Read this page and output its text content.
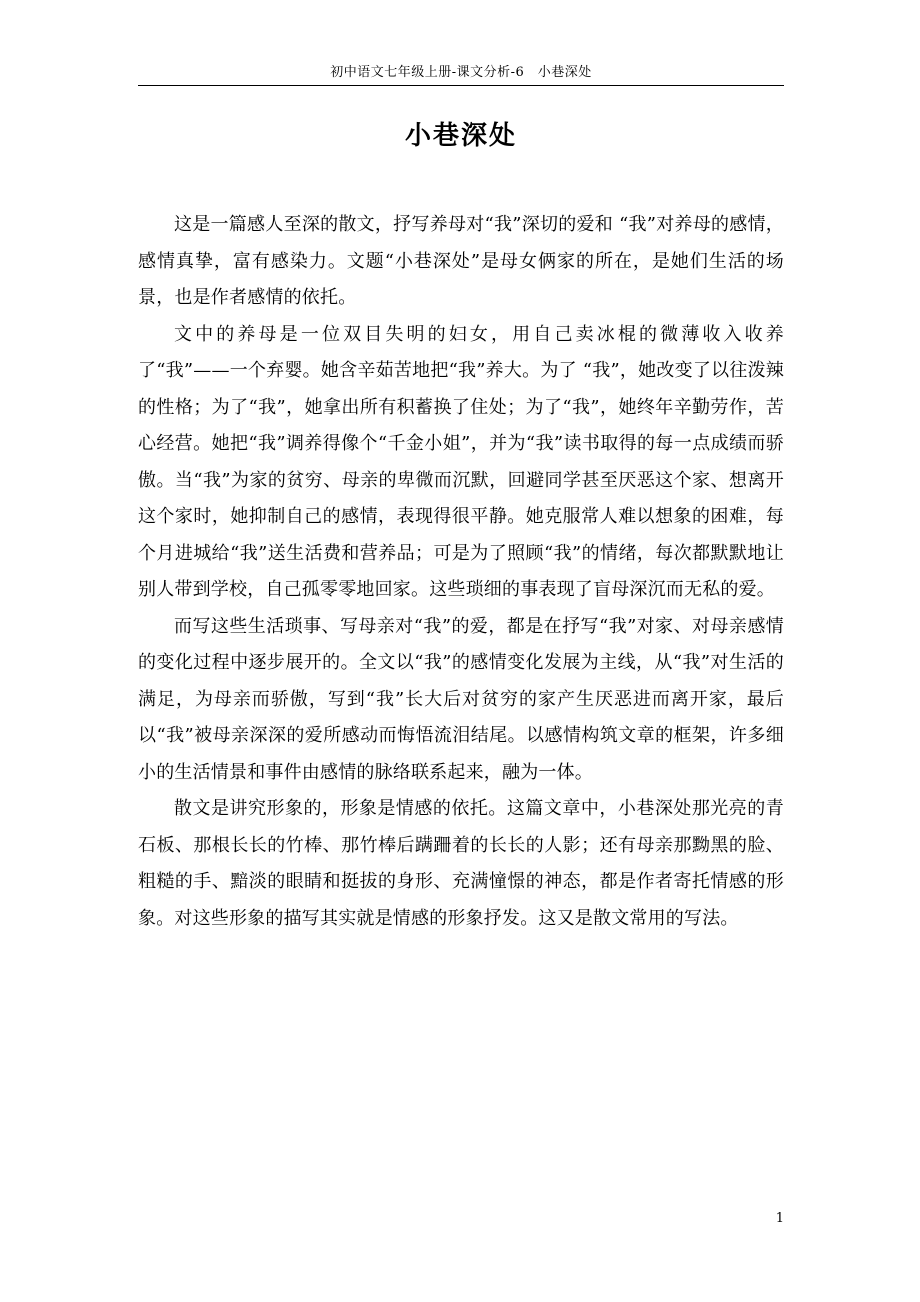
初中语文七年级上册-课文分析-6　小巷深处
小巷深处

这是一篇感人至深的散文，抒写养母对“我”深切的爱和 “我”对养母的感情，感情真挚，富有感染力。文题“小巷深处”是母女俩家的所在，是她们生活的场景，也是作者感情的依托。

文中的养母是一位双目失明的妇女，用自己卖冰棍的微薄收入收养了“我”——一个弃婴。她含辛茹苦地把“我”养大。为了 “我”，她改变了以往泼辣的性格；为了“我”，她拿出所有积蓄换了住处；为了“我”，她终年辛勤劳作，苦心经营。她把“我”调养得像个“千金小姐”，并为“我”读书取得的每一点成绩而骄傲。当“我”为家的贫穷、母亲的卑微而沉默，回避同学甚至厌恶这个家、想离开这个家时，她抑制自己的感情，表现得很平静。她克服常人难以想象的困难，每个月进城给“我”送生活费和营养品；可是为了照顾“我”的情绪，每次都默默地让别人带到学校，自己孤零零地回家。这些琐细的事表现了盲母深沉而无私的爱。

而写这些生活琐事、写母亲对“我”的爱，都是在抒写“我”对家、对母亲感情的变化过程中逐步展开的。全文以“我”的感情变化发展为主线，从“我”对生活的满足，为母亲而骄傲，写到“我”长大后对贫穷的家产生厌恶进而离开家，最后以“我”被母亲深深的爱所感动而悔悟流泪结尾。以感情构筑文章的框架，许多细小的生活情景和事件由感情的脉络联系起来，融为一体。

散文是讲究形象的，形象是情感的依托。这篇文章中，小巷深处那光亮的青石板、那根长长的竹棒、那竹棒后蹒跚着的长长的人影；还有母亲那黝黑的脸、粗糙的手、黯淡的眼睛和挺拔的身形、充满憧憬的神态，都是作者寄托情感的形象。对这些形象的描写其实就是情感的形象抒发。这又是散文常用的写法。

1
